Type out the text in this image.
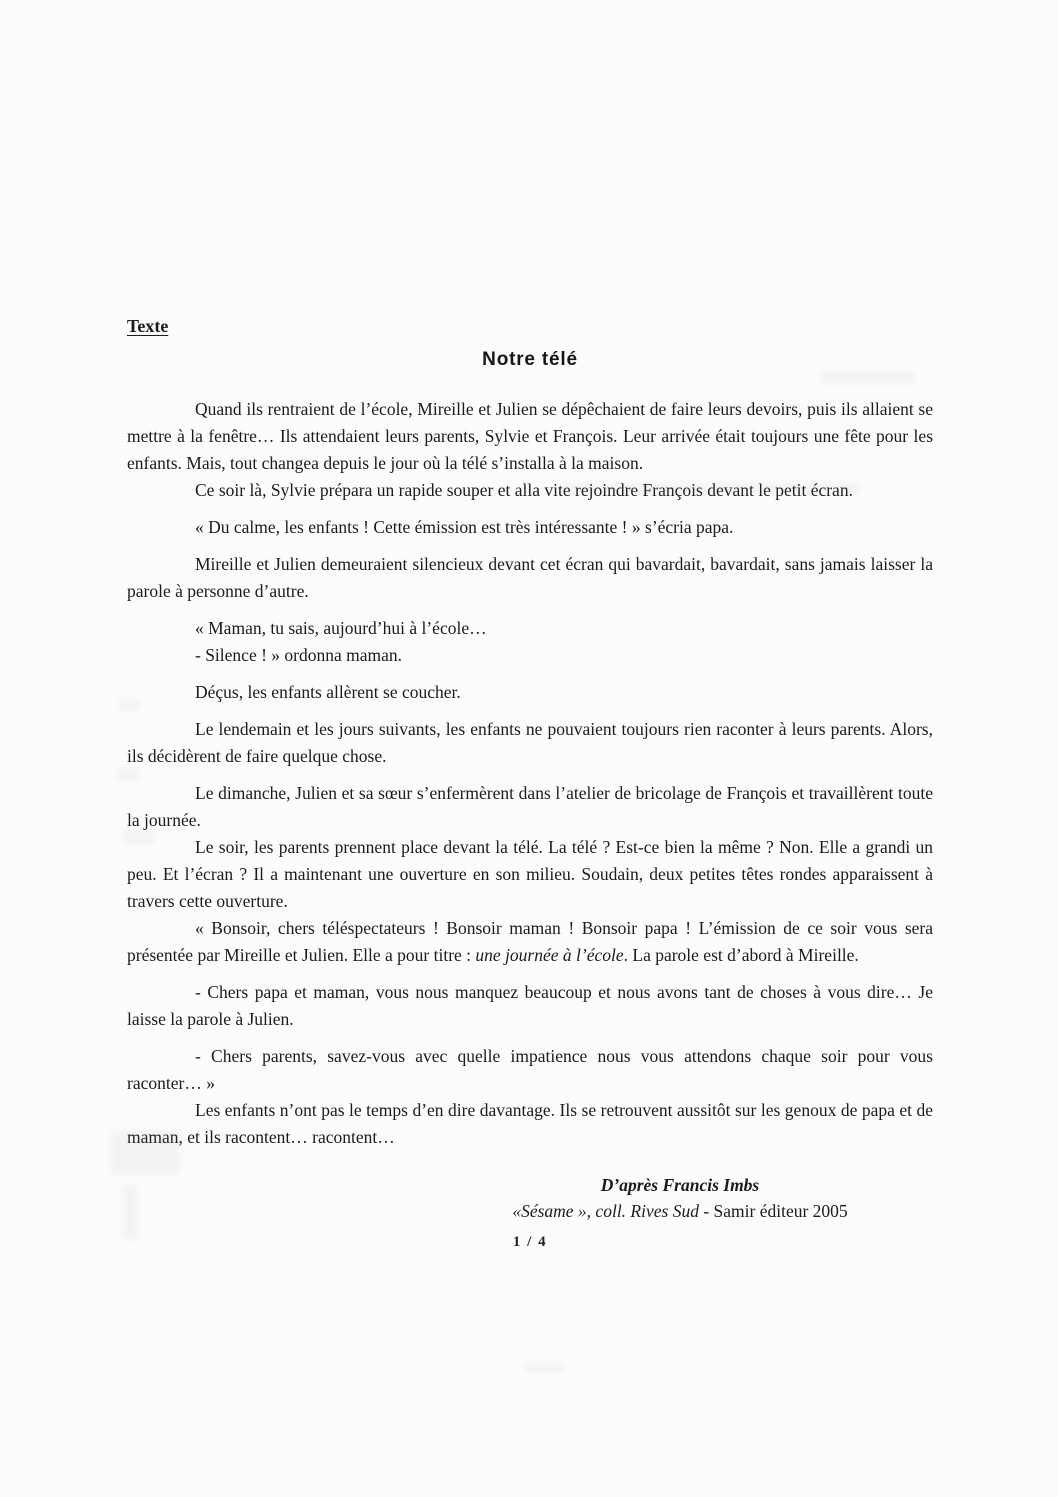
Texte
Notre télé

Quand ils rentraient de l’école, Mireille et Julien se dépêchaient de faire leurs devoirs, puis ils allaient se mettre à la fenêtre… Ils attendaient leurs parents, Sylvie et François. Leur arrivée était toujours une fête pour les enfants. Mais, tout changea depuis le jour où la télé s’installa à la maison.

Ce soir là, Sylvie prépara un rapide souper et alla vite rejoindre François devant le petit écran.

« Du calme, les enfants ! Cette émission est très intéressante ! » s’écria papa.

Mireille et Julien demeuraient silencieux devant cet écran qui bavardait, bavardait, sans jamais laisser la parole à personne d’autre.

« Maman, tu sais, aujourd’hui à l’école…

- Silence ! » ordonna maman.

Déçus, les enfants allèrent se coucher.

Le lendemain et les jours suivants, les enfants ne pouvaient toujours rien raconter à leurs parents. Alors, ils décidèrent de faire quelque chose.

Le dimanche, Julien et sa sœur s’enfermèrent dans l’atelier de bricolage de François et travaillèrent toute la journée.

Le soir, les parents prennent place devant la télé. La télé ? Est-ce bien la même ? Non. Elle a grandi un peu. Et l’écran ? Il a maintenant une ouverture en son milieu. Soudain, deux petites têtes rondes apparaissent à travers cette ouverture.

« Bonsoir, chers téléspectateurs ! Bonsoir maman ! Bonsoir papa ! L’émission de ce soir vous sera présentée par Mireille et Julien. Elle a pour titre : une journée à l’école. La parole est d’abord à Mireille.

- Chers papa et maman, vous nous manquez beaucoup et nous avons tant de choses à vous dire… Je laisse la parole à Julien.

- Chers parents, savez-vous avec quelle impatience nous vous attendons chaque soir pour vous raconter… »

Les enfants n’ont pas le temps d’en dire davantage. Ils se retrouvent aussitôt sur les genoux de papa et de maman, et ils racontent… racontent…

D’après Francis Imbs
«Sésame », coll. Rives Sud - Samir éditeur 2005
1 / 4
